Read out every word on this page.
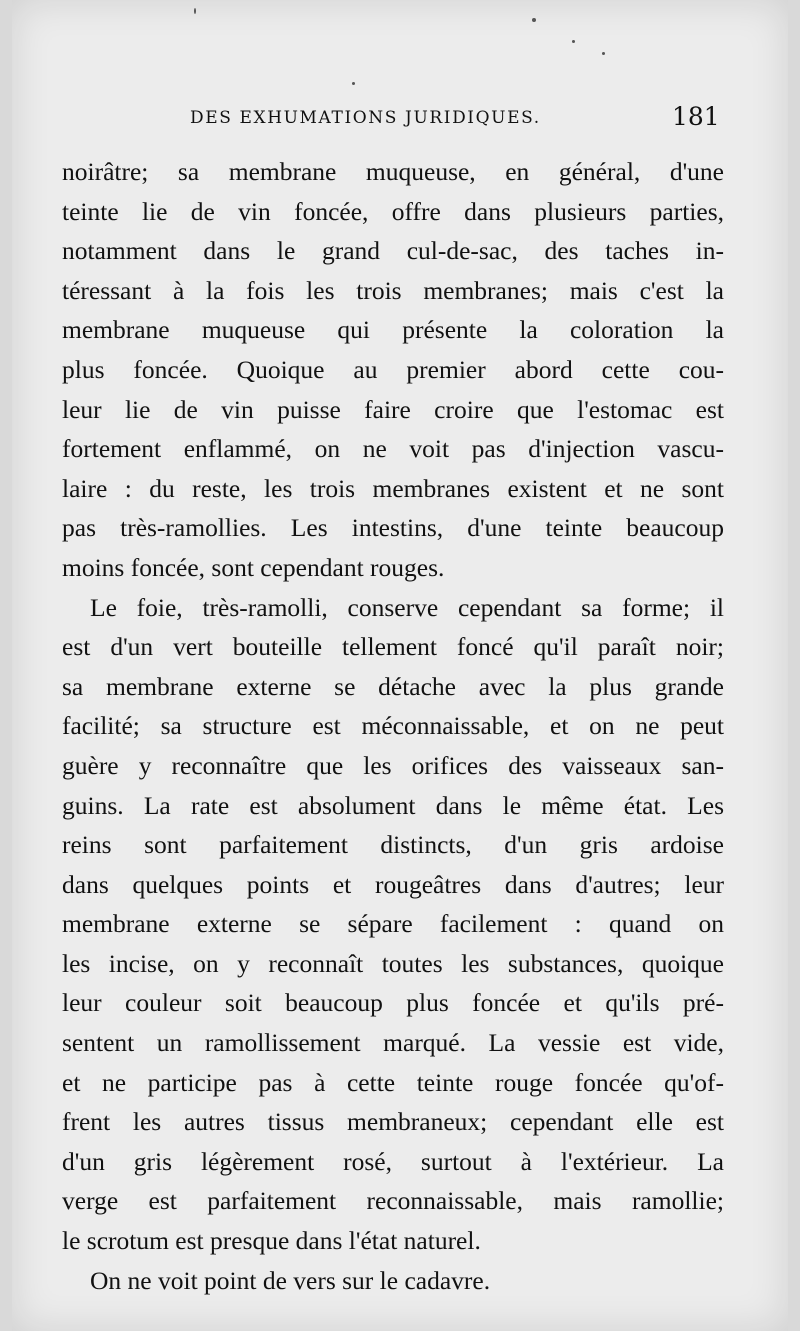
DES EXHUMATIONS JURIDIQUES.	181
noirâtre; sa membrane muqueuse, en général, d'une
teinte lie de vin foncée, offre dans plusieurs parties,
notamment dans le grand cul-de-sac, des taches in-
téressant à la fois les trois membranes; mais c'est la
membrane muqueuse qui présente la coloration la
plus foncée. Quoique au premier abord cette cou-
leur lie de vin puisse faire croire que l'estomac est
fortement enflammé, on ne voit pas d'injection vascu-
laire : du reste, les trois membranes existent et ne sont
pas très-ramollies. Les intestins, d'une teinte beaucoup
moins foncée, sont cependant rouges.
Le foie, très-ramolli, conserve cependant sa forme; il
est d'un vert bouteille tellement foncé qu'il paraît noir;
sa membrane externe se détache avec la plus grande
facilité; sa structure est méconnaissable, et on ne peut
guère y reconnaître que les orifices des vaisseaux san-
guins. La rate est absolument dans le même état. Les
reins sont parfaitement distincts, d'un gris ardoise
dans quelques points et rougeâtres dans d'autres; leur
membrane externe se sépare facilement : quand on
les incise, on y reconnaît toutes les substances, quoique
leur couleur soit beaucoup plus foncée et qu'ils pré-
sentent un ramollissement marqué. La vessie est vide,
et ne participe pas à cette teinte rouge foncée qu'of-
frent les autres tissus membraneux; cependant elle est
d'un gris légèrement rosé, surtout à l'extérieur. La
verge est parfaitement reconnaissable, mais ramollie;
le scrotum est presque dans l'état naturel.
On ne voit point de vers sur le cadavre.
